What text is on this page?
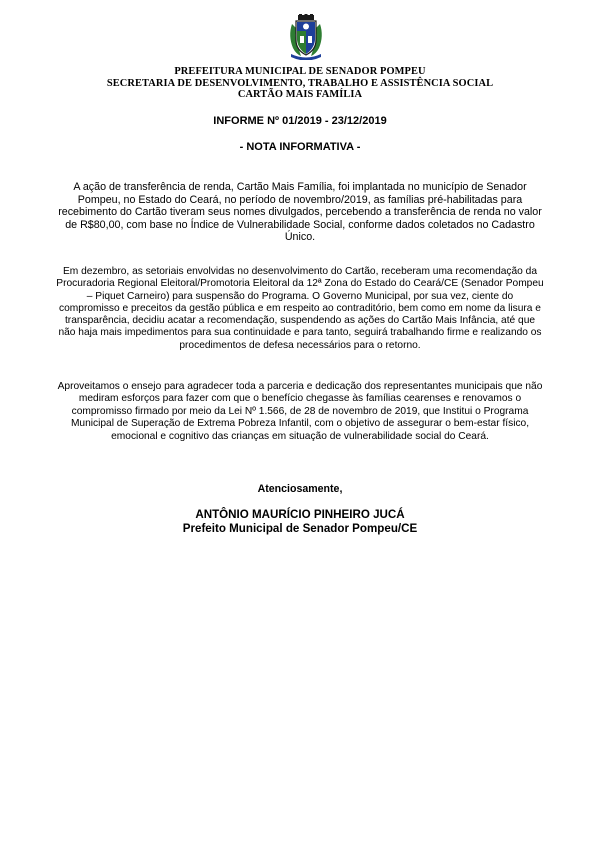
PREFEITURA MUNICIPAL DE SENADOR POMPEU
SECRETARIA DE DESENVOLVIMENTO, TRABALHO E ASSISTÊNCIA SOCIAL
CARTÃO MAIS FAMÍLIA
INFORME Nº 01/2019 - 23/12/2019
- NOTA INFORMATIVA -
A ação de transferência de renda, Cartão Mais Família, foi implantada no município de Senador Pompeu, no Estado do Ceará, no período de novembro/2019, as famílias pré-habilitadas para recebimento do Cartão tiveram seus nomes divulgados, percebendo a transferência de renda no valor de R$80,00, com base no Índice de Vulnerabilidade Social, conforme dados coletados no Cadastro Único.
Em dezembro, as setoriais envolvidas no desenvolvimento do Cartão, receberam uma recomendação da Procuradoria Regional Eleitoral/Promotoria Eleitoral da 12ª Zona do Estado do Ceará/CE (Senador Pompeu – Piquet Carneiro) para suspensão do Programa. O Governo Municipal, por sua vez, ciente do compromisso e preceitos da gestão pública e em respeito ao contraditório, bem como em nome da lisura e transparência, decidiu acatar a recomendação, suspendendo as ações do Cartão Mais Infância, até que não haja mais impedimentos para sua continuidade e para tanto, seguirá trabalhando firme e realizando os procedimentos de defesa necessários para o retorno.
Aproveitamos o ensejo para agradecer toda a parceria e dedicação dos representantes municipais que não mediram esforços para fazer com que o benefício chegasse às famílias cearenses e renovamos o compromisso firmado por meio da Lei Nº 1.566, de 28 de novembro de 2019, que Institui o Programa Municipal de Superação de Extrema Pobreza Infantil, com o objetivo de assegurar o bem-estar físico, emocional e cognitivo das crianças em situação de vulnerabilidade social do Ceará.
Atenciosamente,
ANTÔNIO MAURÍCIO PINHEIRO JUCÁ
Prefeito Municipal de Senador Pompeu/CE
